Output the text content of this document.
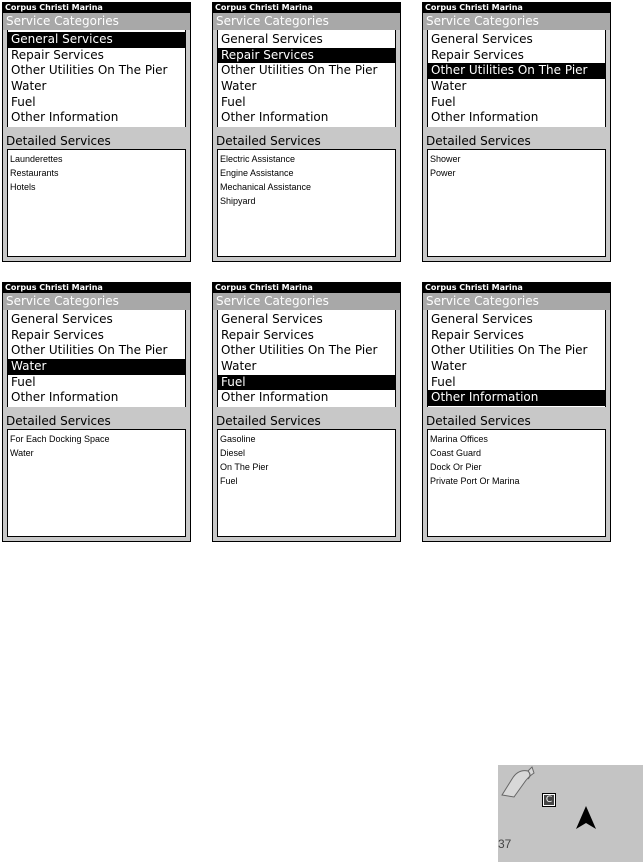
Corpus Christi Marina
Service Categories
General Services
Repair Services
Other Utilities On The Pier
Water
Fuel
Other Information
Detailed Services
Launderettes
Restaurants
Hotels
Corpus Christi Marina
Service Categories
General Services
Repair Services
Other Utilities On The Pier
Water
Fuel
Other Information
Detailed Services
Electric Assistance
Engine Assistance
Mechanical Assistance
Shipyard
Corpus Christi Marina
Service Categories
General Services
Repair Services
Other Utilities On The Pier
Water
Fuel
Other Information
Detailed Services
Shower
Power
Corpus Christi Marina
Service Categories
General Services
Repair Services
Other Utilities On The Pier
Water
Fuel
Other Information
Detailed Services
For Each Docking Space
Water
Corpus Christi Marina
Service Categories
General Services
Repair Services
Other Utilities On The Pier
Water
Fuel
Other Information
Detailed Services
Gasoline
Diesel
On The Pier
Fuel
Corpus Christi Marina
Service Categories
General Services
Repair Services
Other Utilities On The Pier
Water
Fuel
Other Information
Detailed Services
Marina Offices
Coast Guard
Dock Or Pier
Private Port Or Marina
C
37
